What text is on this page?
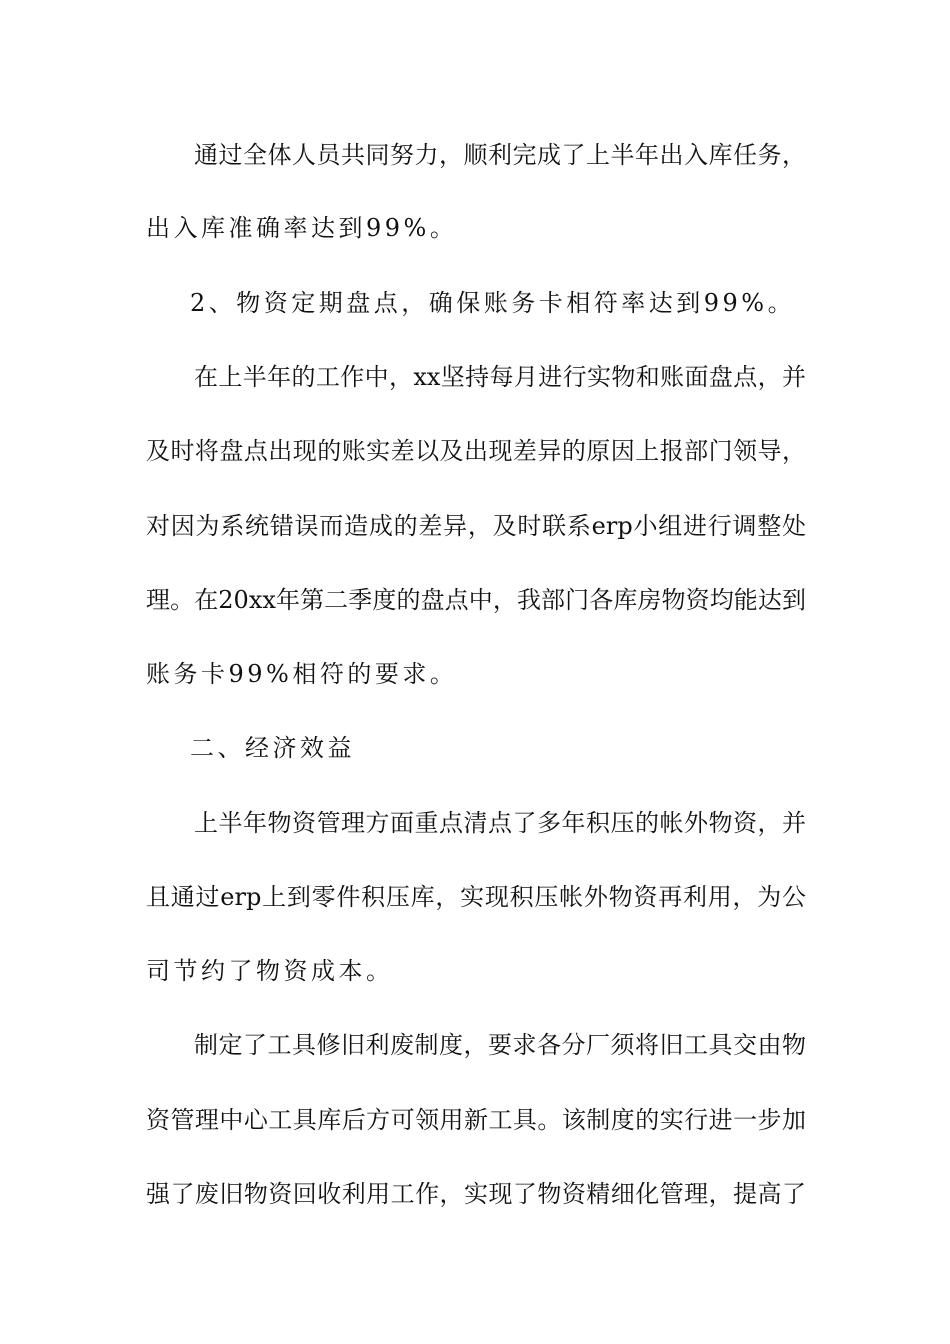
通过全体人员共同努力，顺利完成了上半年出入库任务，
出入库准确率达到99%。
2、物资定期盘点，确保账务卡相符率达到99%。
在上半年的工作中，xx坚持每月进行实物和账面盘点，并
及时将盘点出现的账实差以及出现差异的原因上报部门领导，
对因为系统错误而造成的差异，及时联系erp小组进行调整处
理。在20xx年第二季度的盘点中，我部门各库房物资均能达到
账务卡99%相符的要求。
二、经济效益
上半年物资管理方面重点清点了多年积压的帐外物资，并
且通过erp上到零件积压库，实现积压帐外物资再利用，为公
司节约了物资成本。
制定了工具修旧利废制度，要求各分厂须将旧工具交由物
资管理中心工具库后方可领用新工具。该制度的实行进一步加
强了废旧物资回收利用工作，实现了物资精细化管理，提高了
